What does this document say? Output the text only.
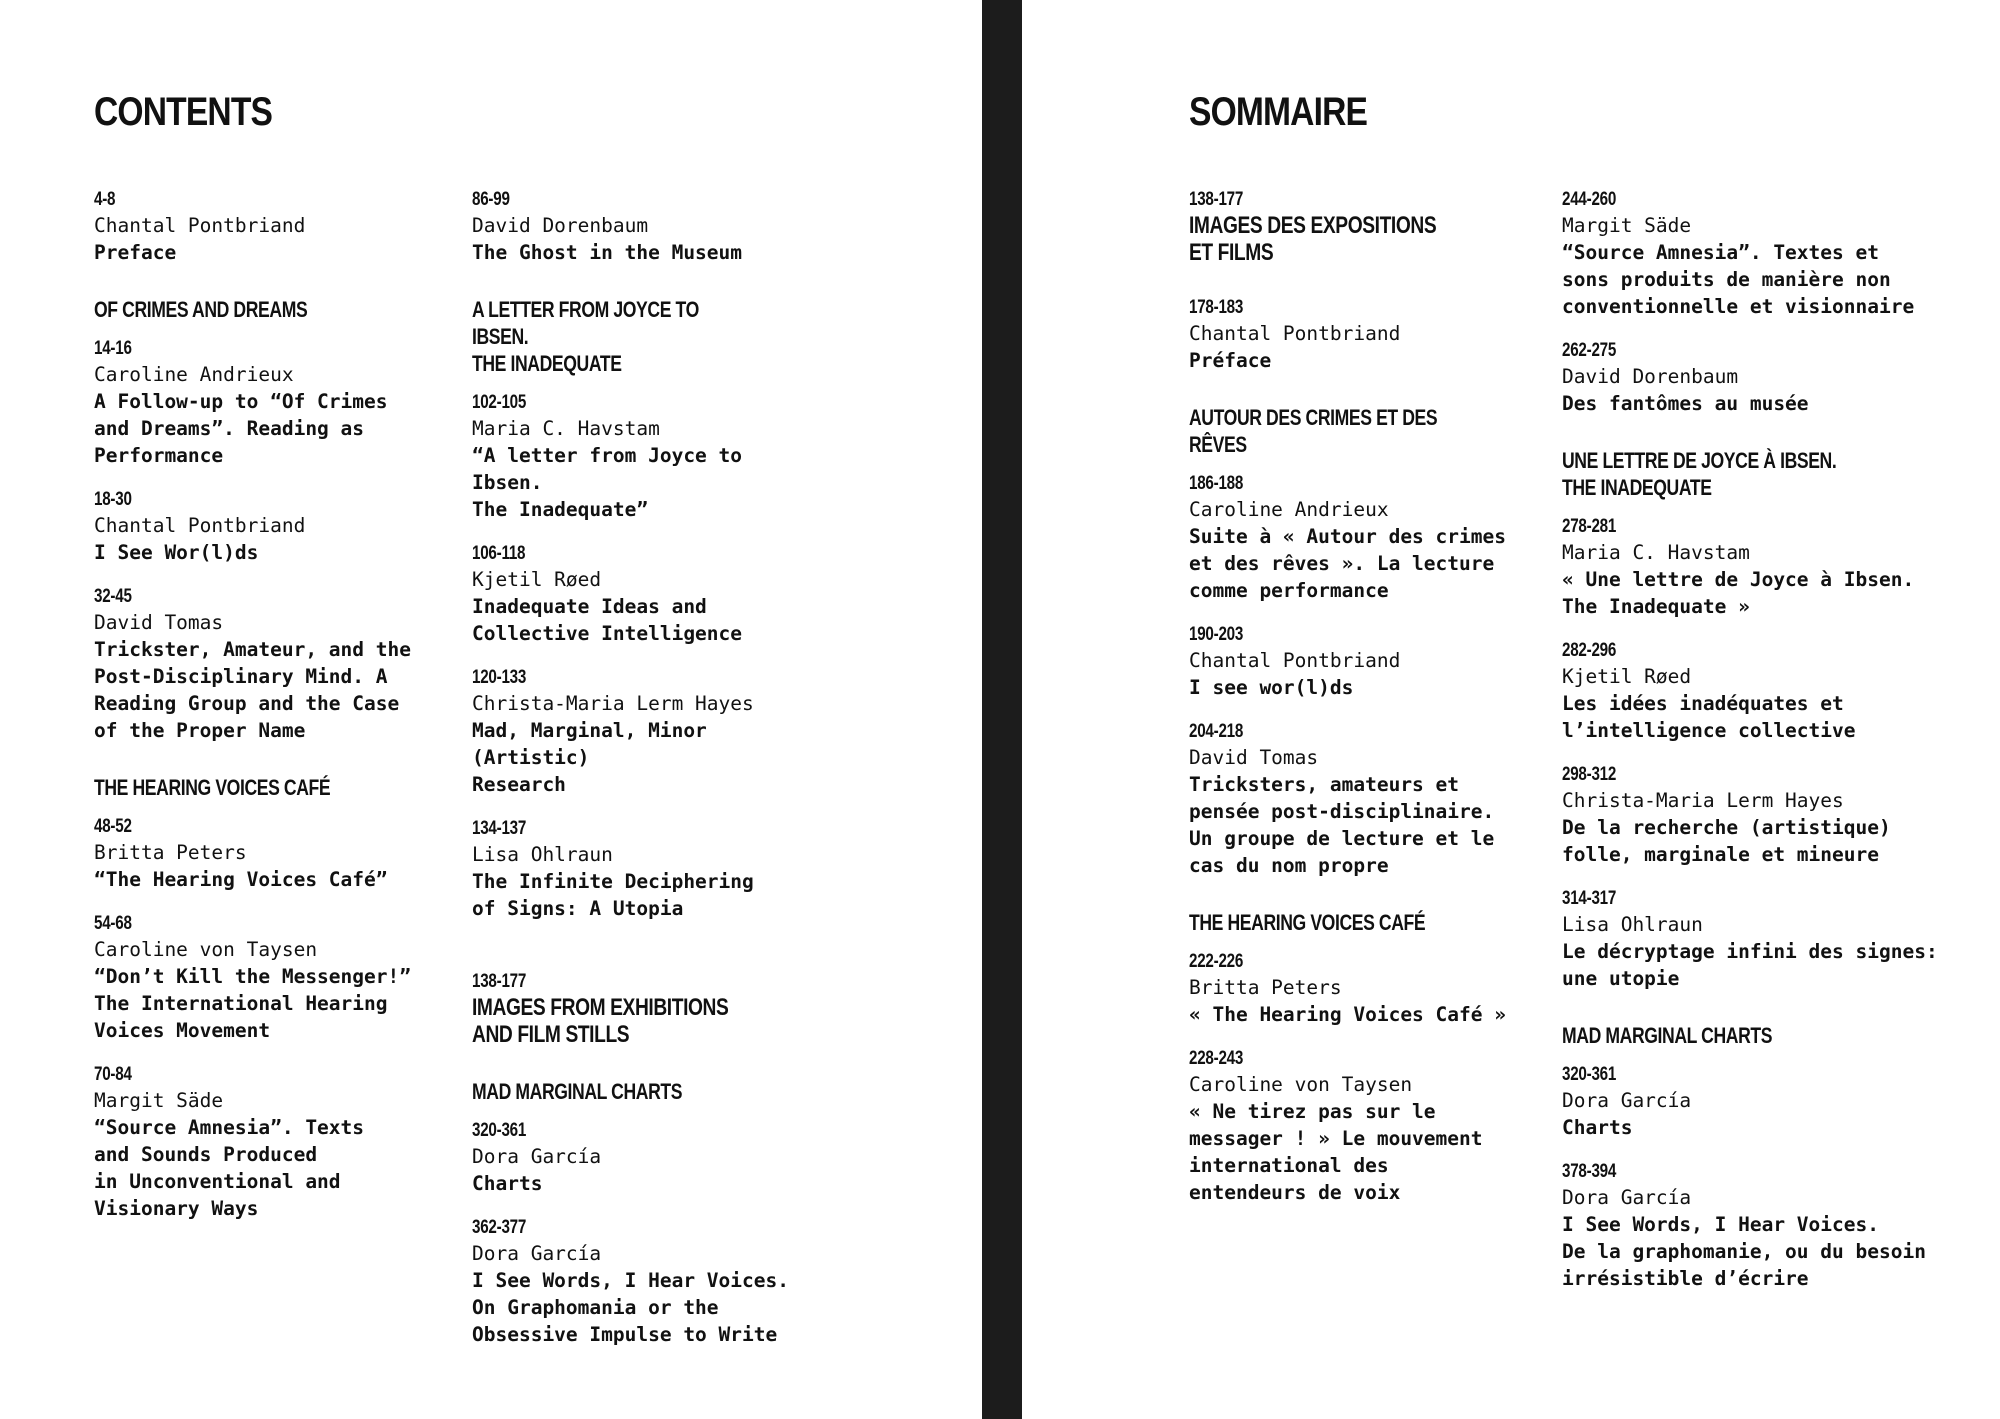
CONTENTS
4-8
Chantal Pontbriand
Preface
OF CRIMES AND DREAMS
14-16
Caroline Andrieux
A Follow-up to “Of Crimes
and Dreams”. Reading as
Performance
18-30
Chantal Pontbriand
I See Wor(l)ds
32-45
David Tomas
Trickster, Amateur, and the
Post-Disciplinary Mind. A
Reading Group and the Case
of the Proper Name
THE HEARING VOICES CAFÉ
48-52
Britta Peters
“The Hearing Voices Café”
54-68
Caroline von Taysen
“Don’t Kill the Messenger!”
The International Hearing
Voices Movement
70-84
Margit Säde
“Source Amnesia”. Texts
and Sounds Produced
in Unconventional and
Visionary Ways
86-99
David Dorenbaum
The Ghost in the Museum
A LETTER FROM JOYCE TO IBSEN.
THE INADEQUATE
102-105
Maria C. Havstam
“A letter from Joyce to Ibsen.
The Inadequate”
106-118
Kjetil Røed
Inadequate Ideas and
Collective Intelligence
120-133
Christa-Maria Lerm Hayes
Mad, Marginal, Minor (Artistic)
Research
134-137
Lisa Ohlraun
The Infinite Deciphering
of Signs: A Utopia
138-177
IMAGES FROM EXHIBITIONS
AND FILM STILLS
MAD MARGINAL CHARTS
320-361
Dora García
Charts
362-377
Dora García
I See Words, I Hear Voices.
On Graphomania or the
Obsessive Impulse to Write
SOMMAIRE
138-177
IMAGES DES EXPOSITIONS
ET FILMS
178-183
Chantal Pontbriand
Préface
AUTOUR DES CRIMES ET DES RÊVES
186-188
Caroline Andrieux
Suite à « Autour des crimes
et des rêves ». La lecture
comme performance
190-203
Chantal Pontbriand
I see wor(l)ds
204-218
David Tomas
Tricksters, amateurs et
pensée post-disciplinaire.
Un groupe de lecture et le
cas du nom propre
THE HEARING VOICES CAFÉ
222-226
Britta Peters
« The Hearing Voices Café »
228-243
Caroline von Taysen
« Ne tirez pas sur le
messager ! » Le mouvement
international des
entendeurs de voix
244-260
Margit Säde
“Source Amnesia”. Textes et
sons produits de manière non
conventionnelle et visionnaire
262-275
David Dorenbaum
Des fantômes au musée
UNE LETTRE DE JOYCE À IBSEN.
THE INADEQUATE
278-281
Maria C. Havstam
« Une lettre de Joyce à Ibsen.
The Inadequate »
282-296
Kjetil Røed
Les idées inadéquates et
l’intelligence collective
298-312
Christa-Maria Lerm Hayes
De la recherche (artistique)
folle, marginale et mineure
314-317
Lisa Ohlraun
Le décryptage infini des signes:
une utopie
MAD MARGINAL CHARTS
320-361
Dora García
Charts
378-394
Dora García
I See Words, I Hear Voices.
De la graphomanie, ou du besoin
irrésistible d’écrire
